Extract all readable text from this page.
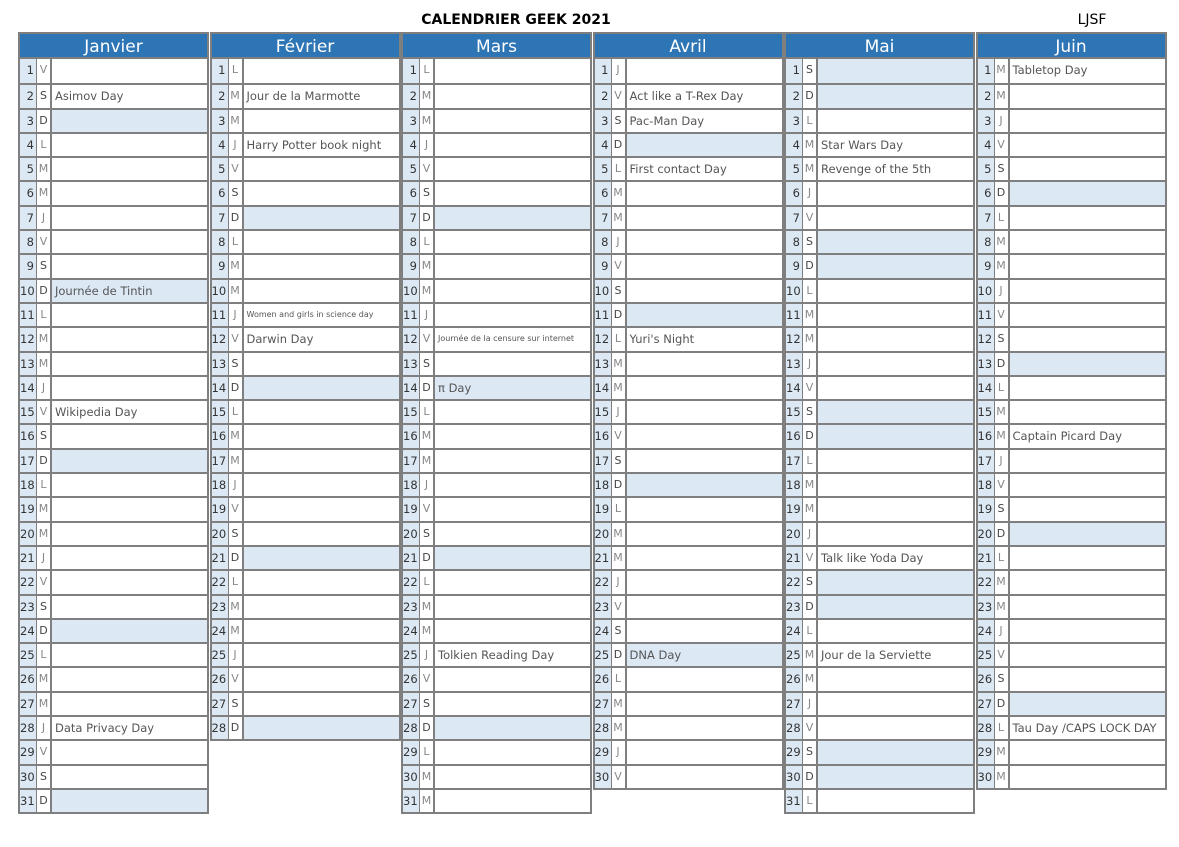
CALENDRIER GEEK 2021	LJSF
Janvier
1 V
2 S Asimov Day
3 D
4 L
5 M
6 M
7 J
8 V
9 S
10 D Journée de Tintin
11 L
12 M
13 M
14 J
15 V Wikipedia Day
16 S
17 D
18 L
19 M
20 M
21 J
22 V
23 S
24 D
25 L
26 M
27 M
28 J Data Privacy Day
29 V
30 S
31 D
Février
1 L
2 M Jour de la Marmotte
3 M
4 J Harry Potter book night
5 V
6 S
7 D
8 L
9 M
10 M
11 J	Women and girls in science day
12 V Darwin Day
13 S
14 D
15 L
16 M
17 M
18 J
19 V
20 S
21 D
22 L
23 M
24 M
25 J
26 V
27 S
28 D
Mars
1 L
2 M
3 M
4 J
5 V
6 S
7 D
8 L
9 M
10 M
11 J
12 V Journée de la censure sur internet
13 S
14 D π Day
15 L
16 M
17 M
18 J
19 V
20 S
21 D
22 L
23 M
24 M
25 J Tolkien Reading Day
26 V
27 S
28 D
29 L
30 M
31 M
Avril
1 J
2 V Act like a T-Rex Day
3 S Pac-Man Day
4 D
5 L First contact Day
6 M
7 M
8 J
9 V
10 S
11 D
12 L Yuri's Night
13 M
14 M
15 J
16 V
17 S
18 D
19 L
20 M
21 M
22 J
23 V
24 S
25 D DNA Day
26 L
27 M
28 M
29 J
30 V
Mai
1 S
2 D
3 L
4 M Star Wars Day
5 M Revenge of the 5th
6 J
7 V
8 S
9 D
10 L
11 M
12 M
13 J
14 V
15 S
16 D
17 L
18 M
19 M
20 J
21 V Talk like Yoda Day
22 S
23 D
24 L
25 M Jour de la Serviette
26 M
27 J
28 V
29 S
30 D
31 L
Juin
1 M Tabletop Day
2 M
3 J
4 V
5 S
6 D
7 L
8 M
9 M
10 J
11 V
12 S
13 D
14 L
15 M
16 M Captain Picard Day
17 J
18 V
19 S
20 D
21 L
22 M
23 M
24 J
25 V
26 S
27 D
28 L Tau Day /CAPS LOCK DAY
29 M
30 M
